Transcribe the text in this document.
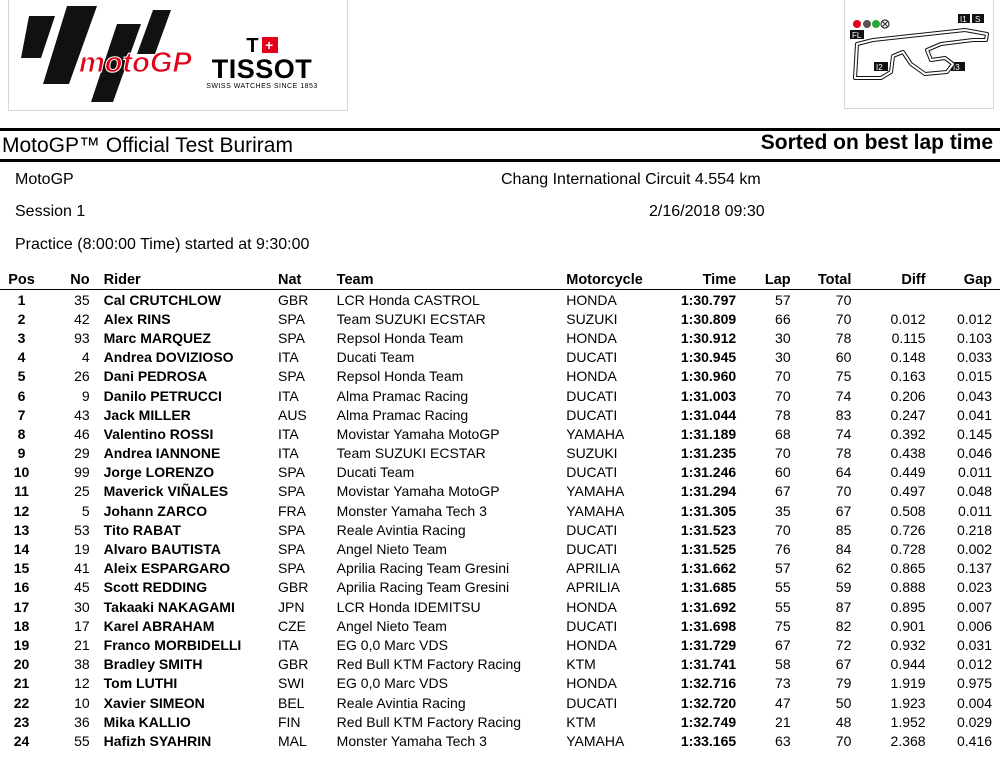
motoGP
T +
TISSOT
SWISS WATCHES SINCE 1853
FL
I1 S
I2	I3
MotoGP™ Official Test Buriram	Sorted on best lap time
MotoGP	Chang International Circuit 4.554 km
Session 1	2/16/2018 09:30
Practice (8:00:00 Time) started at 9:30:00
Pos	No	Rider	Nat	Team	Motorcycle	Time	Lap	Total	Diff	Gap
1	35	Cal CRUTCHLOW	GBR	LCR Honda CASTROL	HONDA	1:30.797	57	70		
2	42	Alex RINS	SPA	Team SUZUKI ECSTAR	SUZUKI	1:30.809	66	70	0.012	0.012
3	93	Marc MARQUEZ	SPA	Repsol Honda Team	HONDA	1:30.912	30	78	0.115	0.103
4	4	Andrea DOVIZIOSO	ITA	Ducati Team	DUCATI	1:30.945	30	60	0.148	0.033
5	26	Dani PEDROSA	SPA	Repsol Honda Team	HONDA	1:30.960	70	75	0.163	0.015
6	9	Danilo PETRUCCI	ITA	Alma Pramac Racing	DUCATI	1:31.003	70	74	0.206	0.043
7	43	Jack MILLER	AUS	Alma Pramac Racing	DUCATI	1:31.044	78	83	0.247	0.041
8	46	Valentino ROSSI	ITA	Movistar Yamaha MotoGP	YAMAHA	1:31.189	68	74	0.392	0.145
9	29	Andrea IANNONE	ITA	Team SUZUKI ECSTAR	SUZUKI	1:31.235	70	78	0.438	0.046
10	99	Jorge LORENZO	SPA	Ducati Team	DUCATI	1:31.246	60	64	0.449	0.011
11	25	Maverick VIÑALES	SPA	Movistar Yamaha MotoGP	YAMAHA	1:31.294	67	70	0.497	0.048
12	5	Johann ZARCO	FRA	Monster Yamaha Tech 3	YAMAHA	1:31.305	35	67	0.508	0.011
13	53	Tito RABAT	SPA	Reale Avintia Racing	DUCATI	1:31.523	70	85	0.726	0.218
14	19	Alvaro BAUTISTA	SPA	Angel Nieto Team	DUCATI	1:31.525	76	84	0.728	0.002
15	41	Aleix ESPARGARO	SPA	Aprilia Racing Team Gresini	APRILIA	1:31.662	57	62	0.865	0.137
16	45	Scott REDDING	GBR	Aprilia Racing Team Gresini	APRILIA	1:31.685	55	59	0.888	0.023
17	30	Takaaki NAKAGAMI	JPN	LCR Honda IDEMITSU	HONDA	1:31.692	55	87	0.895	0.007
18	17	Karel ABRAHAM	CZE	Angel Nieto Team	DUCATI	1:31.698	75	82	0.901	0.006
19	21	Franco MORBIDELLI	ITA	EG 0,0 Marc VDS	HONDA	1:31.729	67	72	0.932	0.031
20	38	Bradley SMITH	GBR	Red Bull KTM Factory Racing	KTM	1:31.741	58	67	0.944	0.012
21	12	Tom LUTHI	SWI	EG 0,0 Marc VDS	HONDA	1:32.716	73	79	1.919	0.975
22	10	Xavier SIMEON	BEL	Reale Avintia Racing	DUCATI	1:32.720	47	50	1.923	0.004
23	36	Mika KALLIO	FIN	Red Bull KTM Factory Racing	KTM	1:32.749	21	48	1.952	0.029
24	55	Hafizh SYAHRIN	MAL	Monster Yamaha Tech 3	YAMAHA	1:33.165	63	70	2.368	0.416
